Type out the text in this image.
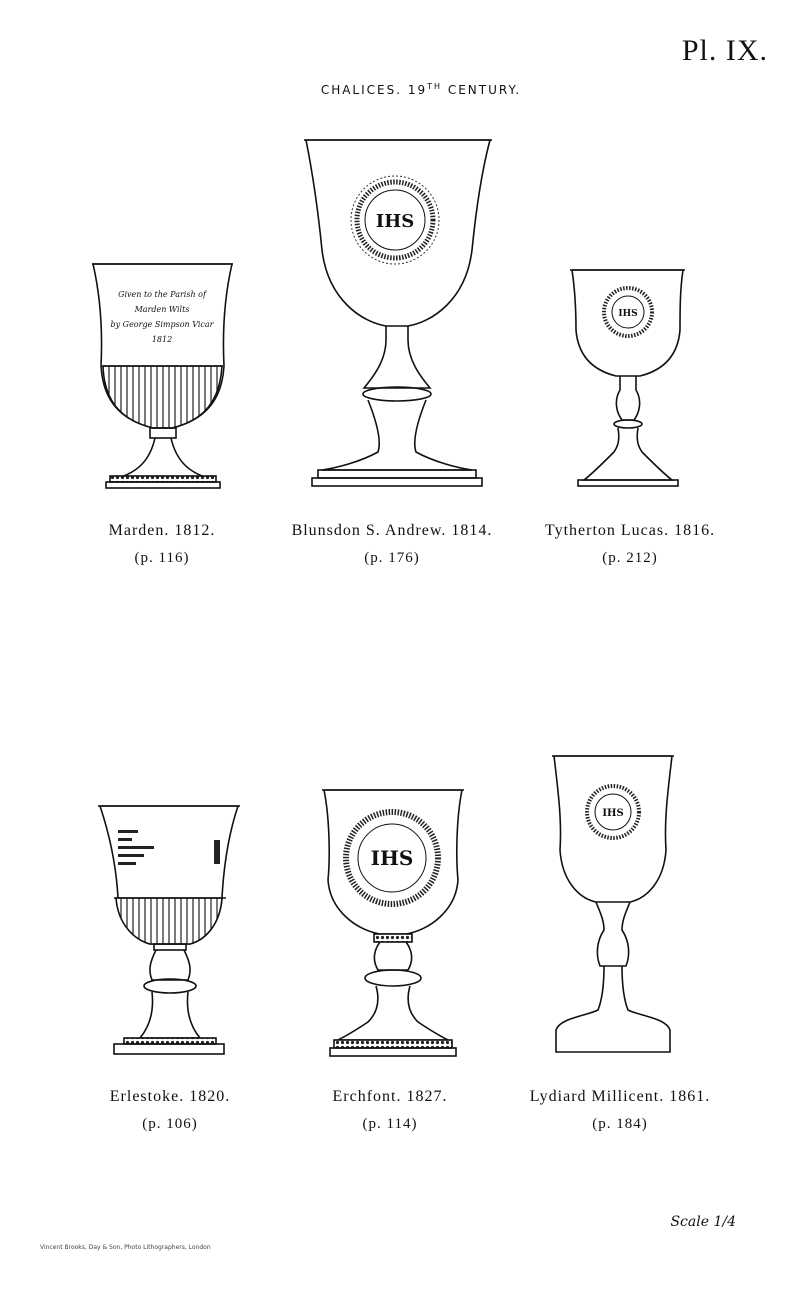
Pl. IX.
CHALICES. 19TH CENTURY.
Given to the Parish of
Marden Wilts
by George Simpson Vicar
1812
IHS
IHS
IHS
IHS
Marden. 1812.
(p. 116)
Blunsdon S. Andrew. 1814.
(p. 176)
Tytherton Lucas. 1816.
(p. 212)
Erlestoke. 1820.
(p. 106)
Erchfont. 1827.
(p. 114)
Lydiard Millicent. 1861.
(p. 184)
Scale 1/4
Vincent Brooks, Day & Son, Photo Lithographers, London
